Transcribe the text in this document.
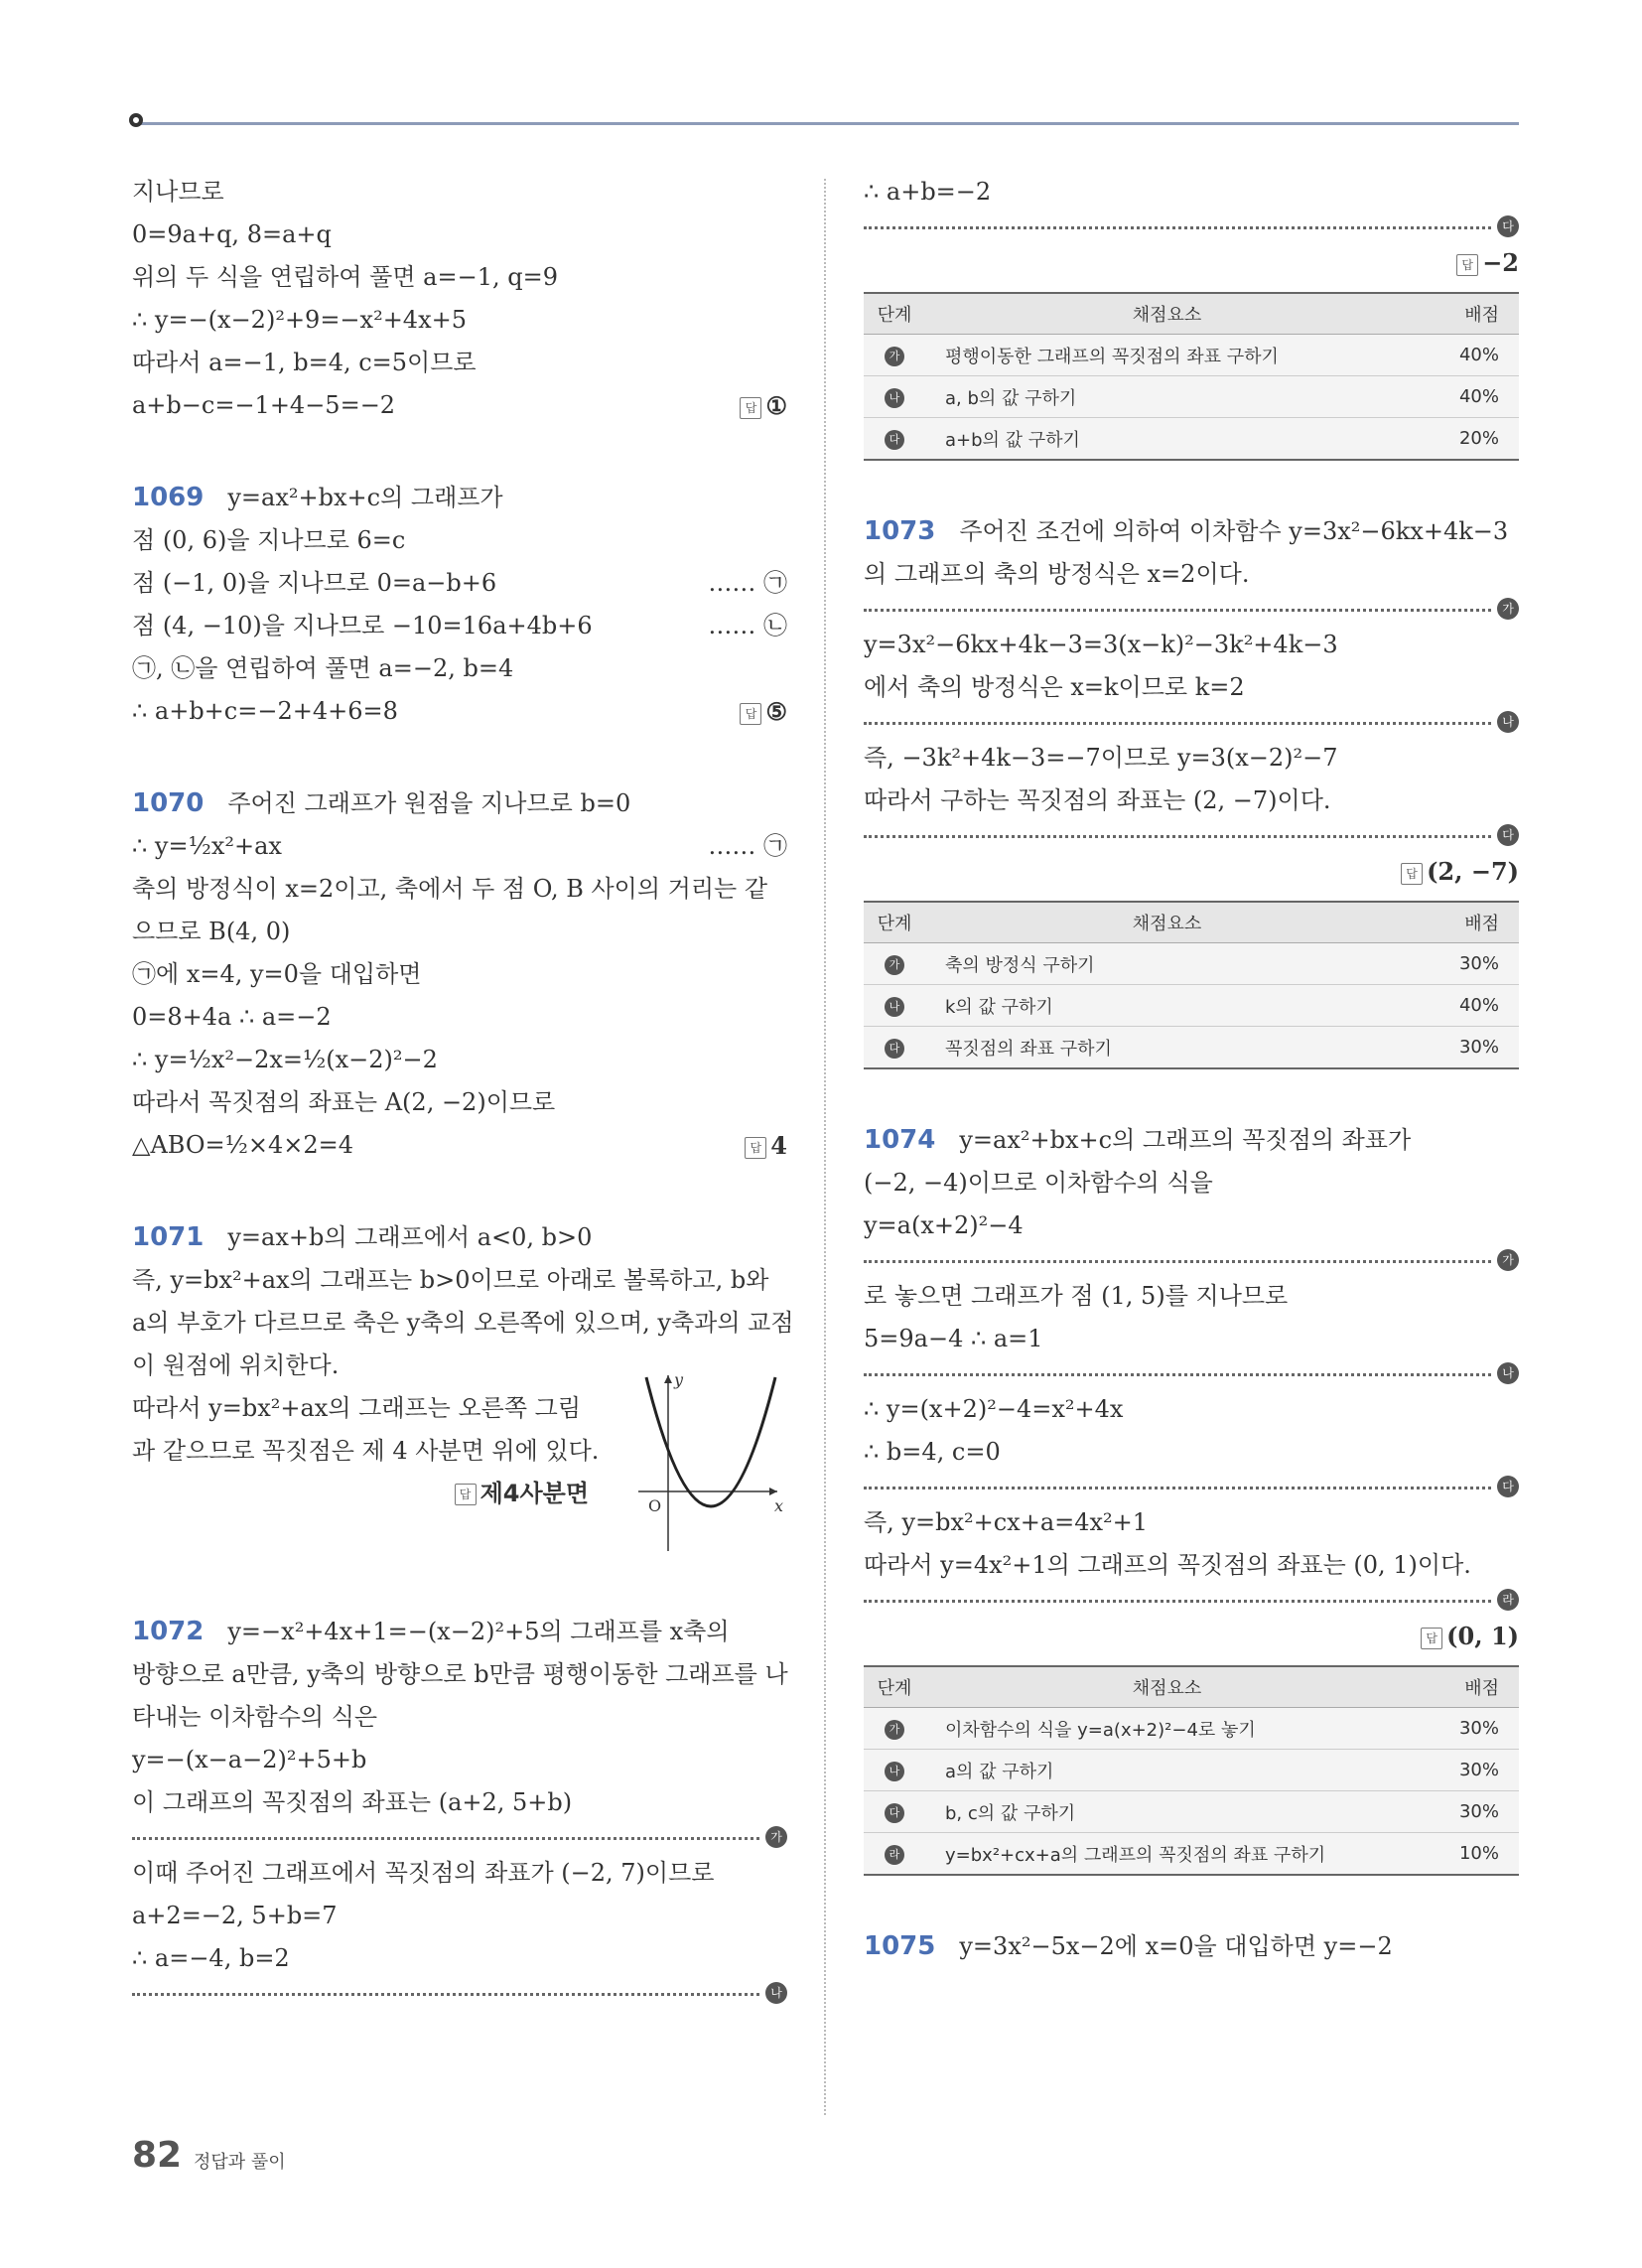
지나므로
0=9a+q, 8=a+q
위의 두 식을 연립하여 풀면 a=−1, q=9
∴ y=−(x−2)²+9=−x²+4x+5
따라서 a=−1, b=4, c=5이므로
a+b−c=−1+4−5=−2	답 ①
1069 y=ax²+bx+c의 그래프가
점 (0, 6)을 지나므로 6=c
점 (−1, 0)을 지나므로 0=a−b+6	…… ㉠
점 (4, −10)을 지나므로 −10=16a+4b+6	…… ㉡
㉠, ㉡을 연립하여 풀면 a=−2, b=4
∴ a+b+c=−2+4+6=8	답 ⑤
1070 주어진 그래프가 원점을 지나므로 b=0
∴ y=½x²+ax	…… ㉠
축의 방정식이 x=2이고, 축에서 두 점 O, B 사이의 거리는 같
으므로 B(4, 0)
㉠에 x=4, y=0을 대입하면
0=8+4a ∴ a=−2
∴ y=½x²−2x=½(x−2)²−2
따라서 꼭짓점의 좌표는 A(2, −2)이므로
△ABO=½×4×2=4	답 4
1071 y=ax+b의 그래프에서 a<0, b>0
즉, y=bx²+ax의 그래프는 b>0이므로 아래로 볼록하고, b와
a의 부호가 다르므로 축은 y축의 오른쪽에 있으며, y축과의 교점
이 원점에 위치한다.
따라서 y=bx²+ax의 그래프는 오른쪽 그림
과 같으므로 꼭짓점은 제 4 사분면 위에 있다.
답 제4사분면
y
x
O
1072 y=−x²+4x+1=−(x−2)²+5의 그래프를 x축의
방향으로 a만큼, y축의 방향으로 b만큼 평행이동한 그래프를 나
타내는 이차함수의 식은
y=−(x−a−2)²+5+b
이 그래프의 꼭짓점의 좌표는 (a+2, 5+b)
가
이때 주어진 그래프에서 꼭짓점의 좌표가 (−2, 7)이므로
a+2=−2, 5+b=7
∴ a=−4, b=2
나
∴ a+b=−2
다
답 −2
단계	채점요소	배점
가	평행이동한 그래프의 꼭짓점의 좌표 구하기	40%
나	a, b의 값 구하기	40%
다	a+b의 값 구하기	20%
1073 주어진 조건에 의하여 이차함수 y=3x²−6kx+4k−3
의 그래프의 축의 방정식은 x=2이다.
가
y=3x²−6kx+4k−3=3(x−k)²−3k²+4k−3
에서 축의 방정식은 x=k이므로 k=2
나
즉, −3k²+4k−3=−7이므로 y=3(x−2)²−7
따라서 구하는 꼭짓점의 좌표는 (2, −7)이다.
다
답 (2, −7)
단계	채점요소	배점
가	축의 방정식 구하기	30%
나	k의 값 구하기	40%
다	꼭짓점의 좌표 구하기	30%
1074 y=ax²+bx+c의 그래프의 꼭짓점의 좌표가
(−2, −4)이므로 이차함수의 식을
y=a(x+2)²−4
가
로 놓으면 그래프가 점 (1, 5)를 지나므로
5=9a−4 ∴ a=1
나
∴ y=(x+2)²−4=x²+4x
∴ b=4, c=0
다
즉, y=bx²+cx+a=4x²+1
따라서 y=4x²+1의 그래프의 꼭짓점의 좌표는 (0, 1)이다.
라
답 (0, 1)
단계	채점요소	배점
가	이차함수의 식을 y=a(x+2)²−4로 놓기	30%
나	a의 값 구하기	30%
다	b, c의 값 구하기	30%
라	y=bx²+cx+a의 그래프의 꼭짓점의 좌표 구하기	10%
1075 y=3x²−5x−2에 x=0을 대입하면 y=−2
82 정답과 풀이
